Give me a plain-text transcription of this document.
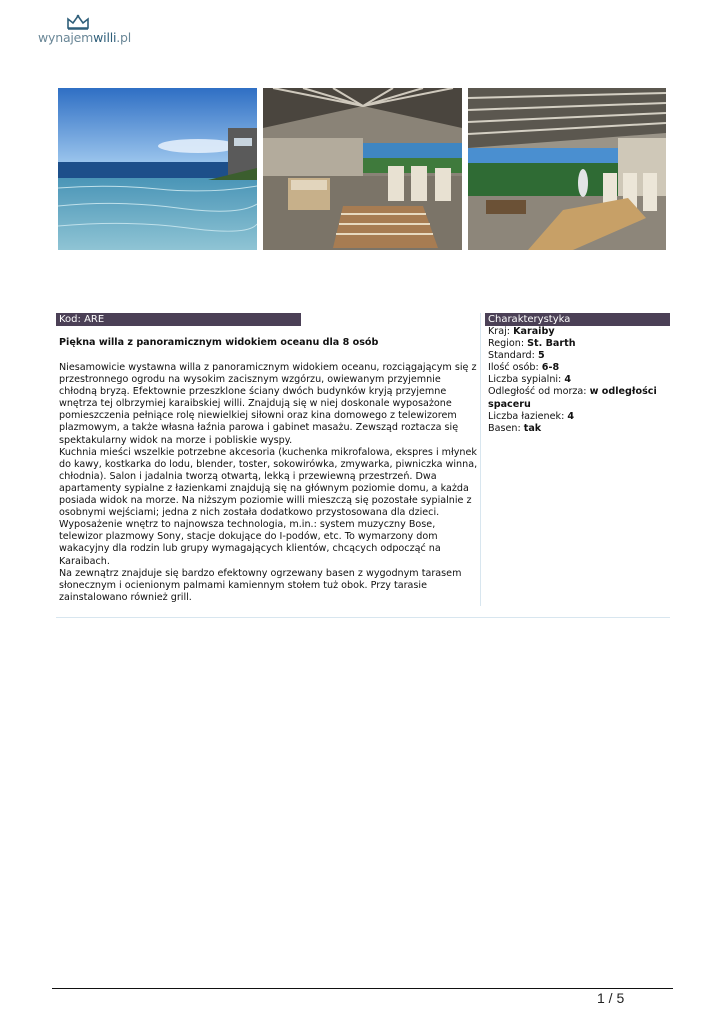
wynajemwilli.pl
Kod: ARE	Charakterystyka
Piękna willa z panoramicznym widokiem oceanu dla 8 osób

Niesamowicie wystawna willa z panoramicznym widokiem oceanu, rozciągającym się z przestronnego ogrodu na wysokim zacisznym wzgórzu, owiewanym przyjemnie chłodną bryzą. Efektownie przeszklone ściany dwóch budynków kryją przyjemne wnętrza tej olbrzymiej karaibskiej willi. Znajdują się w niej doskonale wyposażone pomieszczenia pełniące rolę niewielkiej siłowni oraz kina domowego z telewizorem plazmowym, a także własna łaźnia parowa i gabinet masażu. Zewsząd roztacza się spektakularny widok na morze i pobliskie wyspy.

Kuchnia mieści wszelkie potrzebne akcesoria (kuchenka mikrofalowa, ekspres i młynek do kawy, kostkarka do lodu, blender, toster, sokowirówka, zmywarka, piwniczka winna, chłodnia). Salon i jadalnia tworzą otwartą, lekką i przewiewną przestrzeń. Dwa apartamenty sypialne z łazienkami znajdują się na głównym poziomie domu, a każda posiada widok na morze. Na niższym poziomie willi mieszczą się pozostałe sypialnie z osobnymi wejściami; jedna z nich została dodatkowo przystosowana dla dzieci. Wyposażenie wnętrz to najnowsza technologia, m.in.: system muzyczny Bose, telewizor plazmowy Sony, stacje dokujące do I-podów, etc. To wymarzony dom wakacyjny dla rodzin lub grupy wymagających klientów, chcących odpocząć na Karaibach.

Na zewnątrz znajduje się bardzo efektowny ogrzewany basen z wygodnym tarasem słonecznym i ocienionym palmami kamiennym stołem tuż obok. Przy tarasie zainstalowano również grill.

Kraj: Karaiby
Region: St. Barth
Standard: 5
Ilość osób: 6-8
Liczba sypialni: 4
Odległość od morza: w odległości spaceru
Liczba łazienek: 4
Basen: tak
1 / 5
